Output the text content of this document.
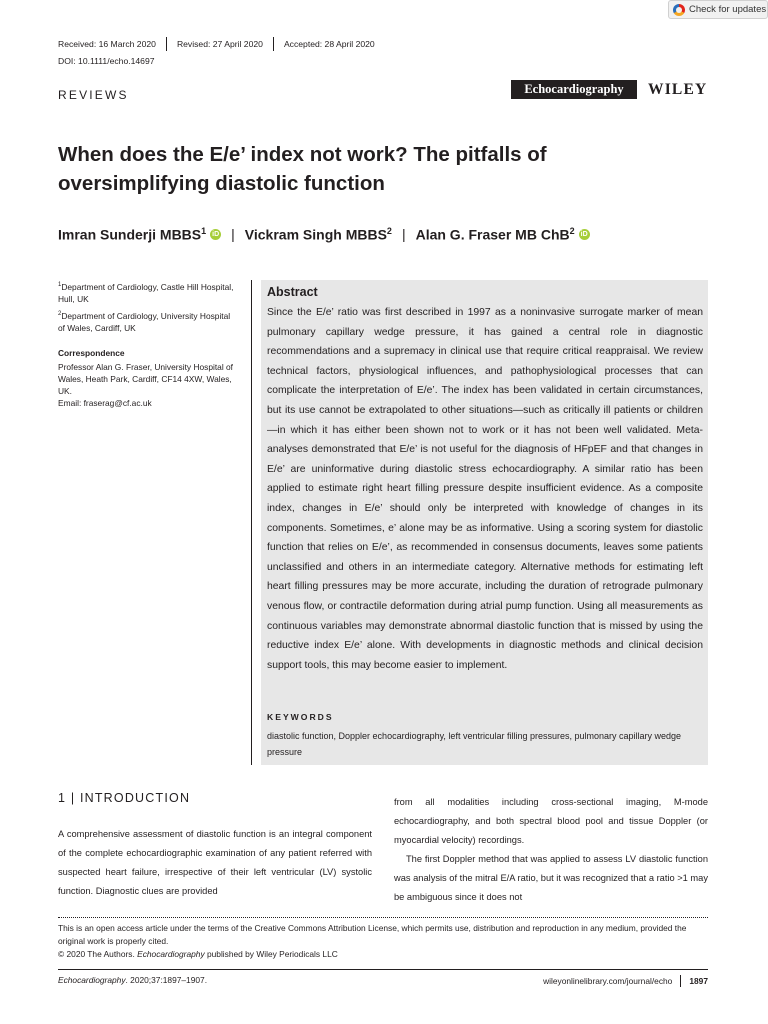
Check for updates
Received: 16 March 2020 Revised: 27 April 2020 Accepted: 28 April 2020
DOI: 10.1111/echo.14697
REVIEWS	Echocardiography	WILEY
When does the E/e’ index not work? The pitfalls of oversimplifying diastolic function
Imran Sunderji MBBS$^1$ iD | Vickram Singh MBBS$^2$ | Alan G. Fraser MB ChB$^2$ iD
$^1$Department of Cardiology, Castle Hill Hospital, Hull, UK
$^2$Department of Cardiology, University Hospital of Wales, Cardiff, UK
Correspondence
Professor Alan G. Fraser, University Hospital of Wales, Heath Park, Cardiff, CF14 4XW, Wales, UK.
Email: fraserag@cf.ac.uk
Abstract
Since the E/e’ ratio was first described in 1997 as a noninvasive surrogate marker of mean pulmonary capillary wedge pressure, it has gained a central role in diagnostic recommendations and a supremacy in clinical use that require critical reappraisal. We review technical factors, physiological influences, and pathophysiological processes that can complicate the interpretation of E/e’. The index has been validated in certain circumstances, but its use cannot be extrapolated to other situations—such as critically ill patients or children—in which it has either been shown not to work or it has not been well validated. Meta-analyses demonstrated that E/e’ is not useful for the diagnosis of HFpEF and that changes in E/e’ are uninformative during diastolic stress echocardiography. A similar ratio has been applied to estimate right heart filling pressure despite insufficient evidence. As a composite index, changes in E/e’ should only be interpreted with knowledge of changes in its components. Sometimes, e’ alone may be as informative. Using a scoring system for diastolic function that relies on E/e’, as recommended in consensus documents, leaves some patients unclassified and others in an intermediate category. Alternative methods for estimating left heart filling pressures may be more accurate, including the duration of retrograde pulmonary venous flow, or contractile deformation during atrial pump function. Using all measurements as continuous variables may demonstrate abnormal diastolic function that is missed by using the reductive index E/e’ alone. With developments in diagnostic methods and clinical decision support tools, this may become easier to implement.
KEYWORDS
diastolic function, Doppler echocardiography, left ventricular filling pressures, pulmonary capillary wedge pressure
1 | INTRODUCTION
A comprehensive assessment of diastolic function is an integral component of the complete echocardiographic examination of any patient referred with suspected heart failure, irrespective of their left ventricular (LV) systolic function. Diagnostic clues are provided
from all modalities including cross-sectional imaging, M-mode echocardiography, and both spectral blood pool and tissue Doppler (or myocardial velocity) recordings.
The first Doppler method that was applied to assess LV diastolic function was analysis of the mitral E/A ratio, but it was recognized that a ratio >1 may be ambiguous since it does not
This is an open access article under the terms of the Creative Commons Attribution License, which permits use, distribution and reproduction in any medium, provided the original work is properly cited.
© 2020 The Authors. Echocardiography published by Wiley Periodicals LLC
Echocardiography. 2020;37:1897–1907.	wileyonlinelibrary.com/journal/echo 1897
